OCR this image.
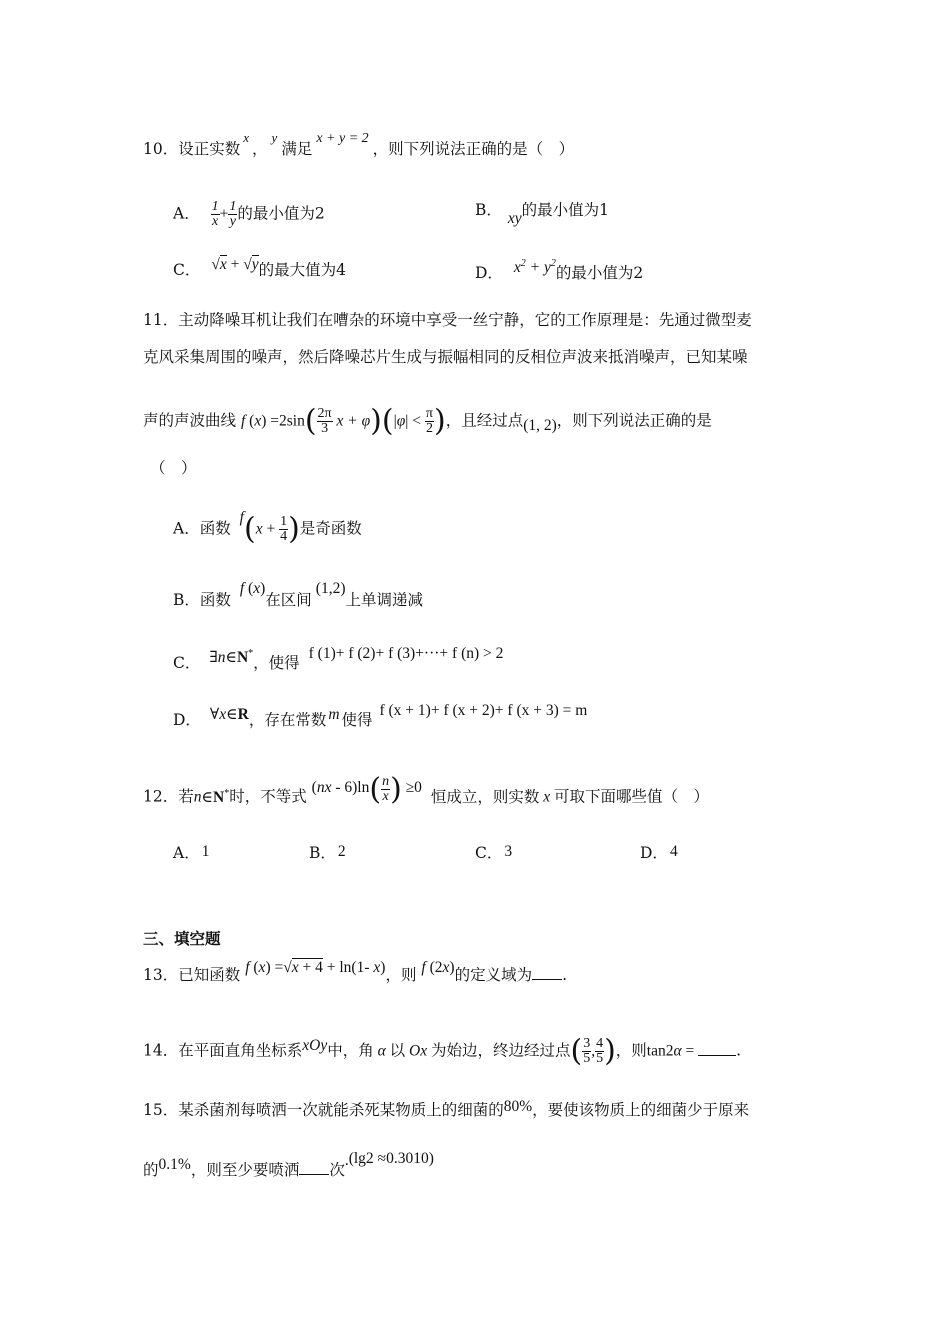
10．设正实数$^x$，$^y$满足x + y = 2，则下列说法正确的是（　）
A． $\frac{1}{x} + \frac{1}{y}$ 的最小值为2	B． xy的最小值为1
C． √x + √y的最大值为4	D． $x^2 + y^2$的最小值为2
11．主动降噪耳机让我们在嘈杂的环境中享受一丝宁静，它的工作原理是：先通过微型麦
克风采集周围的噪声，然后降噪芯片生成与振幅相同的反相位声波来抵消噪声，已知某噪
声的声波曲线 f $(x) =2\sin( \frac{2\pi}{3}$ $x + \varphi)(|\varphi| < \frac{\pi}{2}$ )，且经过点(1, 2)，则下列说法正确的是
（　）
A．函数 $f(x + \frac{1}{4}$ )是奇函数
B．函数 f (x)在区间(1,2)上单调递减
C． ∃n∈N*，使得 f (1)+ f (2)+ f (3)+···+ f (n) > 2
D． ∀x∈R，存在常数 m 使得 f (x + 1)+ f (x + 2)+ f (x + 3) = m
12．若n∈N*时，不等式 $(nx - 6)\ln( \frac{n}{x}$ ) ≥0 恒成立，则实数 x 可取下面哪些值（　）
A． 1	B． 2	C． 3	D． 4
三、填空题
13．已知函数 f (x) =√x + 4 + ln(1- x)，则 f (2x)的定义域为 .
14．在平面直角坐标系xOy中，角 α 以 Ox 为始边，终边经过点( $\frac{3}{5}$ , $\frac{4}{5}$ )，则tan2α = .
15．某杀菌剂每喷洒一次就能杀死某物质上的细菌的80%，要使该物质上的细菌少于原来
的0.1%，则至少要喷洒 次.(lg2 ≈0.3010)
